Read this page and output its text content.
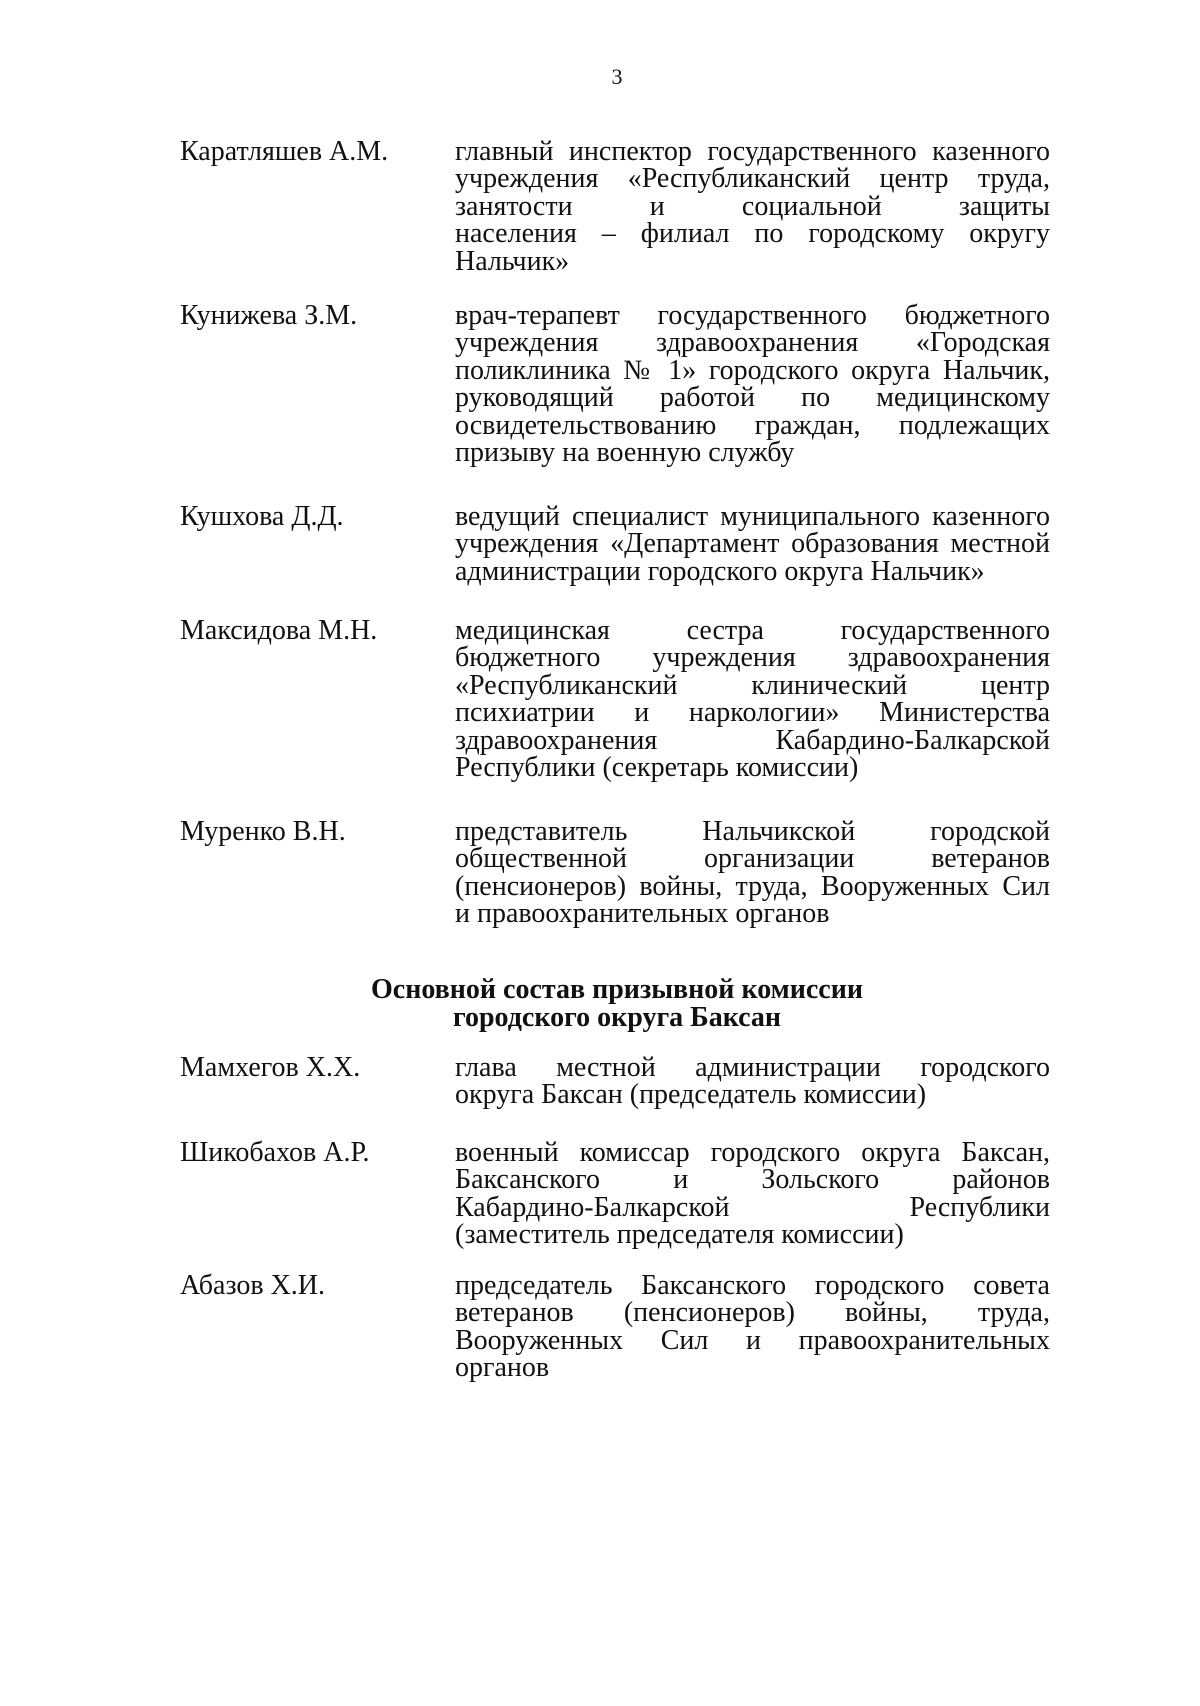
3
Каратляшев А.М.	главный инспектор государственного казенного
учреждения «Республиканский центр труда,
занятости и социальной защиты
населения – филиал по городскому округу
Нальчик»
Кунижева З.М.	врач-терапевт государственного бюджетного
учреждения здравоохранения «Городская
поликлиника № 1» городского округа Нальчик,
руководящий работой по медицинскому
освидетельствованию граждан, подлежащих
призыву на военную службу
Кушхова Д.Д.	ведущий специалист муниципального казенного
учреждения «Департамент образования местной
администрации городского округа Нальчик»
Максидова М.Н.	медицинская сестра государственного
бюджетного учреждения здравоохранения
«Республиканский клинический центр
психиатрии и наркологии» Министерства
здравоохранения Кабардино-Балкарской
Республики (секретарь комиссии)
Муренко В.Н.	представитель Нальчикской городской
общественной организации ветеранов
(пенсионеров) войны, труда, Вооруженных Сил
и правоохранительных органов
Основной состав призывной комиссии
городского округа Баксан
Мамхегов Х.Х.	глава местной администрации городского
округа Баксан (председатель комиссии)
Шикобахов А.Р.	военный комиссар городского округа Баксан,
Баксанского и Зольского районов
Кабардино-Балкарской Республики
(заместитель председателя комиссии)
Абазов Х.И.	председатель Баксанского городского совета
ветеранов (пенсионеров) войны, труда,
Вооруженных Сил и правоохранительных
органов
